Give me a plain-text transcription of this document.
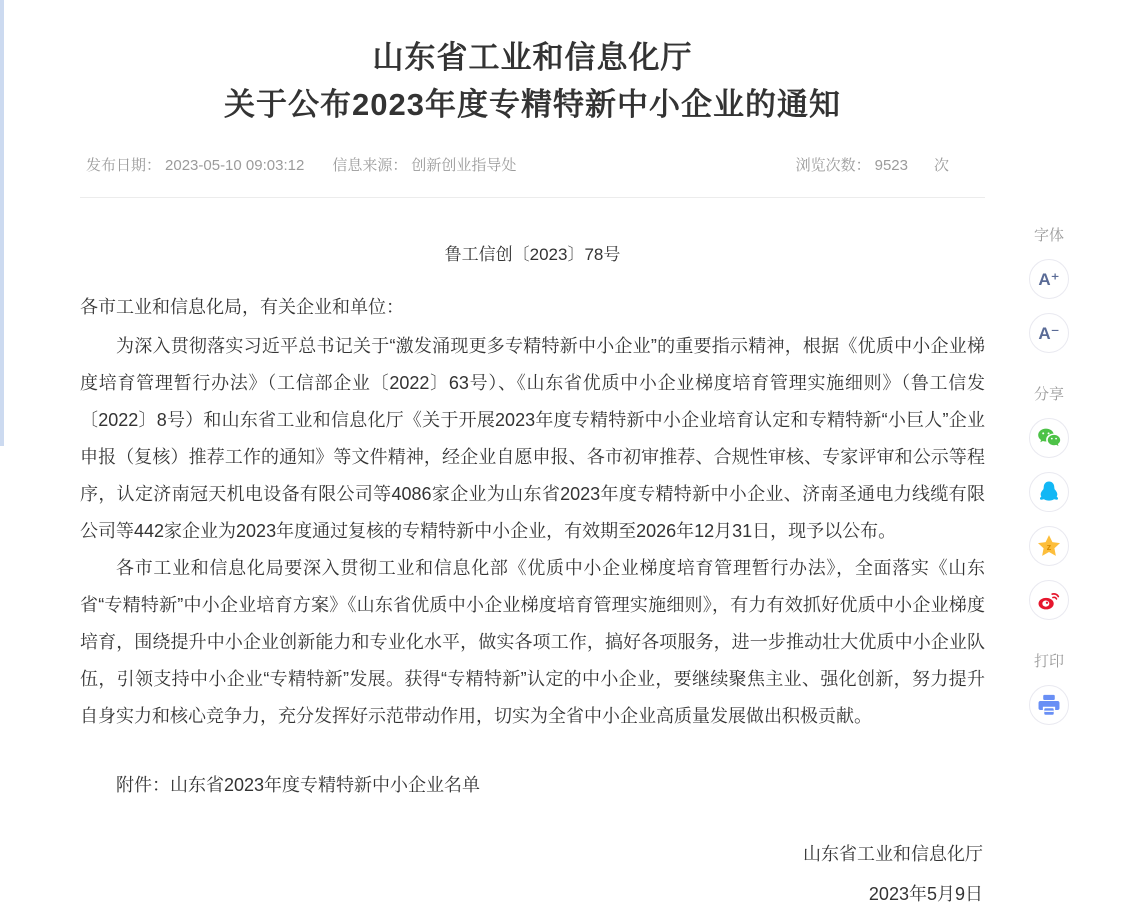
山东省工业和信息化厅
关于公布2023年度专精特新中小企业的通知
发布日期： 2023-05-10 09:03:12 信息来源： 创新创业指导处	浏览次数： 9523 次
鲁工信创〔2023〕78号

各市工业和信息化局，有关企业和单位：

为深入贯彻落实习近平总书记关于“激发涌现更多专精特新中小企业”的重要指示精神，根据《优质中小企业梯度培育管理暂行办法》（工信部企业〔2022〕63号）、《山东省优质中小企业梯度培育管理实施细则》（鲁工信发〔2022〕8号）和山东省工业和信息化厅《关于开展2023年度专精特新中小企业培育认定和专精特新“小巨人”企业申报（复核）推荐工作的通知》等文件精神，经企业自愿申报、各市初审推荐、合规性审核、专家评审和公示等程序，认定济南冠天机电设备有限公司等4086家企业为山东省2023年度专精特新中小企业、济南圣通电力线缆有限公司等442家企业为2023年度通过复核的专精特新中小企业，有效期至2026年12月31日，现予以公布。

各市工业和信息化局要深入贯彻工业和信息化部《优质中小企业梯度培育管理暂行办法》，全面落实《山东省“专精特新”中小企业培育方案》《山东省优质中小企业梯度培育管理实施细则》，有力有效抓好优质中小企业梯度培育，围绕提升中小企业创新能力和专业化水平，做实各项工作，搞好各项服务，进一步推动壮大优质中小企业队伍，引领支持中小企业“专精特新”发展。获得“专精特新”认定的中小企业，要继续聚焦主业、强化创新，努力提升自身实力和核心竞争力，充分发挥好示范带动作用，切实为全省中小企业高质量发展做出积极贡献。

附件：山东省2023年度专精特新中小企业名单
山东省工业和信息化厅
2023年5月9日
字体
A⁺
A⁻
分享
z
打印
